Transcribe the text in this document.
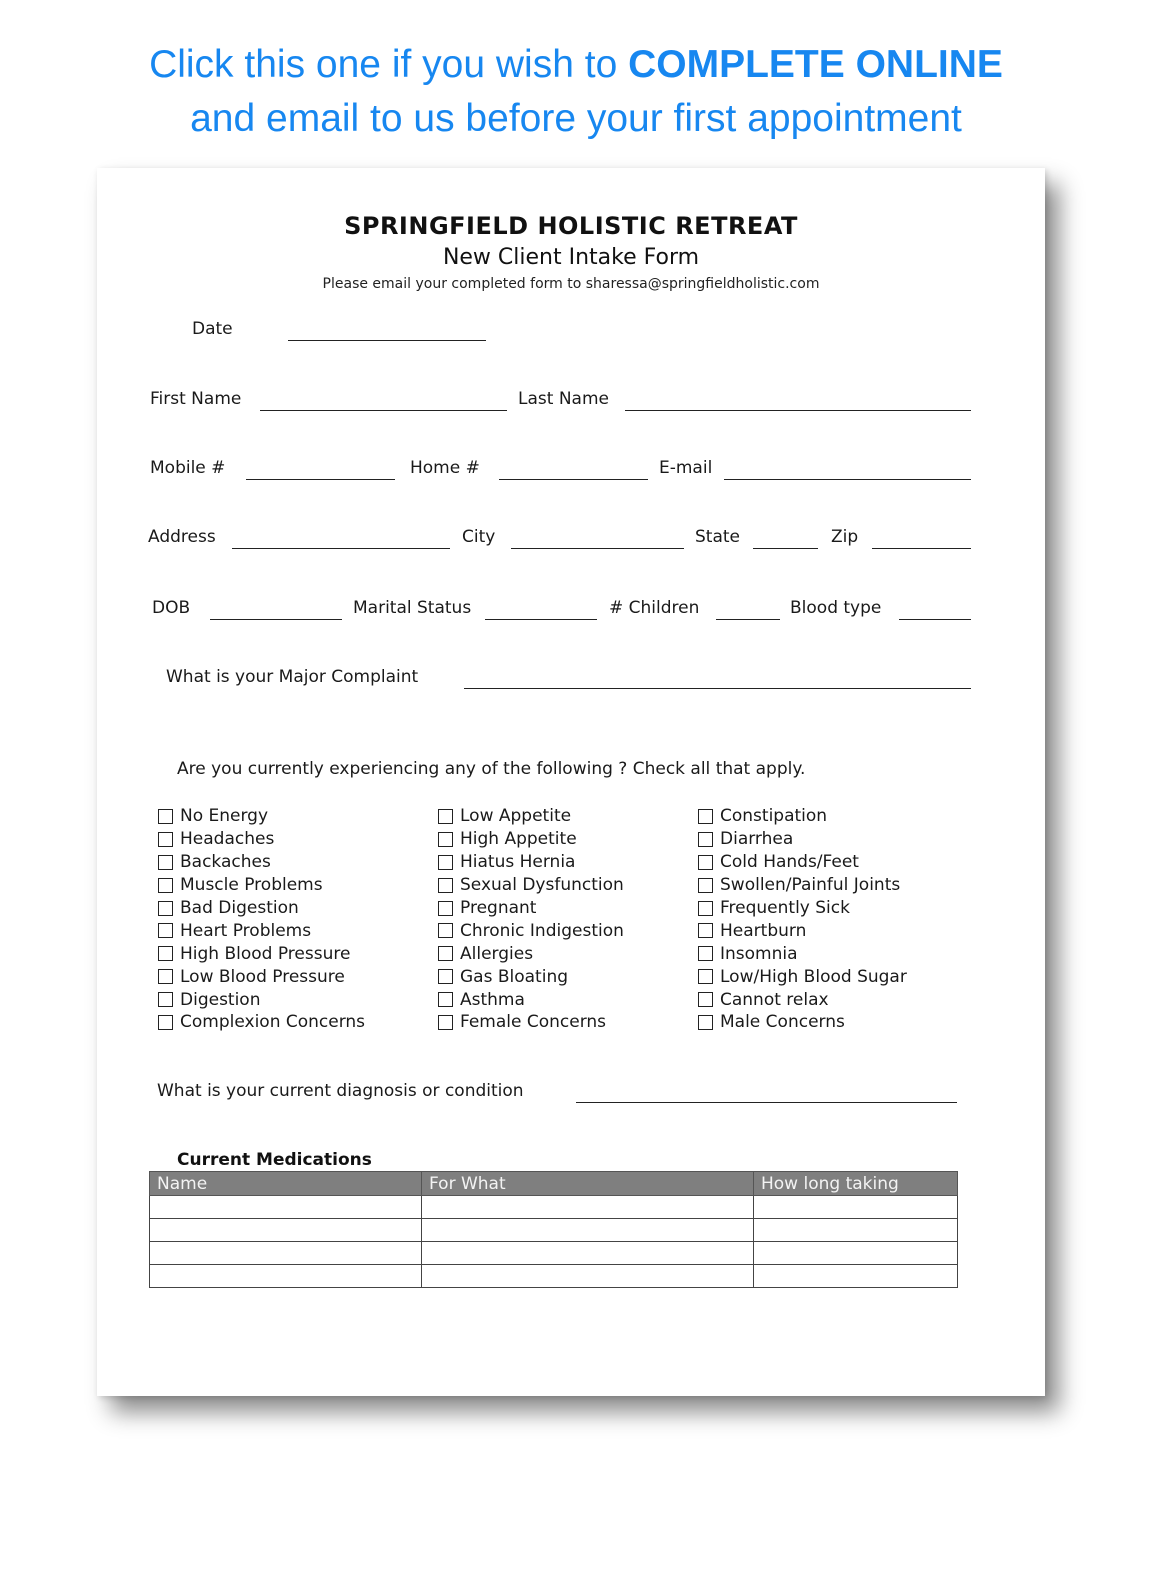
Click this one if you wish to COMPLETE ONLINE
and email to us before your first appointment
SPRINGFIELD HOLISTIC RETREAT
New Client Intake Form
Please email your completed form to sharessa@springfieldholistic.com
Date
First Name	Last Name
Mobile #	Home #	E-mail
Address	City	State	Zip
DOB	Marital Status	# Children	Blood type
What is your Major Complaint
Are you currently experiencing any of the following ? Check all that apply.
No Energy
Headaches
Backaches
Muscle Problems
Bad Digestion
Heart Problems
High Blood Pressure
Low Blood Pressure
Digestion
Complexion Concerns
Low Appetite
High Appetite
Hiatus Hernia
Sexual Dysfunction
Pregnant
Chronic Indigestion
Allergies
Gas Bloating
Asthma
Female Concerns
Constipation
Diarrhea
Cold Hands/Feet
Swollen/Painful Joints
Frequently Sick
Heartburn
Insomnia
Low/High Blood Sugar
Cannot relax
Male Concerns
What is your current diagnosis or condition
Current Medications
Name	For What	How long taking
